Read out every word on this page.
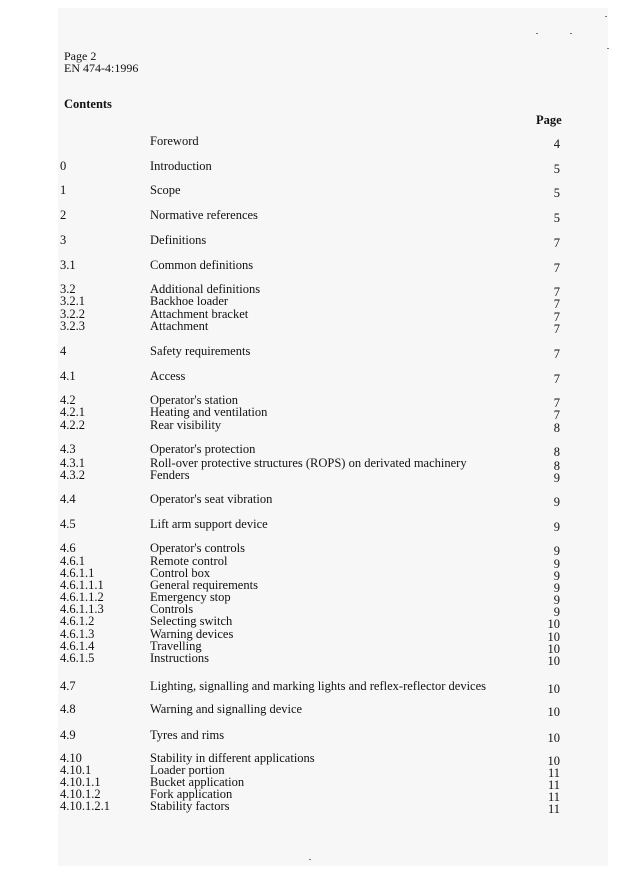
Page 2
EN 474-4:1996
Contents
Page
Foreword	4
0	Introduction	5
1	Scope	5
2	Normative references	5
3	Definitions	7
3.1	Common definitions	7
3.2	Additional definitions	7
3.2.1	Backhoe loader	7
3.2.2	Attachment bracket	7
3.2.3	Attachment	7
4	Safety requirements	7
4.1	Access	7
4.2	Operator's station	7
4.2.1	Heating and ventilation	7
4.2.2	Rear visibility	8
4.3	Operator's protection	8
4.3.1	Roll-over protective structures (ROPS) on derivated machinery	8
4.3.2	Fenders	9
4.4	Operator's seat vibration	9
4.5	Lift arm support device	9
4.6	Operator's controls	9
4.6.1	Remote control	9
4.6.1.1	Control box	9
4.6.1.1.1	General requirements	9
4.6.1.1.2	Emergency stop	9
4.6.1.1.3	Controls	9
4.6.1.2	Selecting switch	10
4.6.1.3	Warning devices	10
4.6.1.4	Travelling	10
4.6.1.5	Instructions	10
4.7	Lighting, signalling and marking lights and reflex-reflector devices	10
4.8	Warning and signalling device	10
4.9	Tyres and rims	10
4.10	Stability in different applications	10
4.10.1	Loader portion	11
4.10.1.1	Bucket application	11
4.10.1.2	Fork application	11
4.10.1.2.1	Stability factors	11
